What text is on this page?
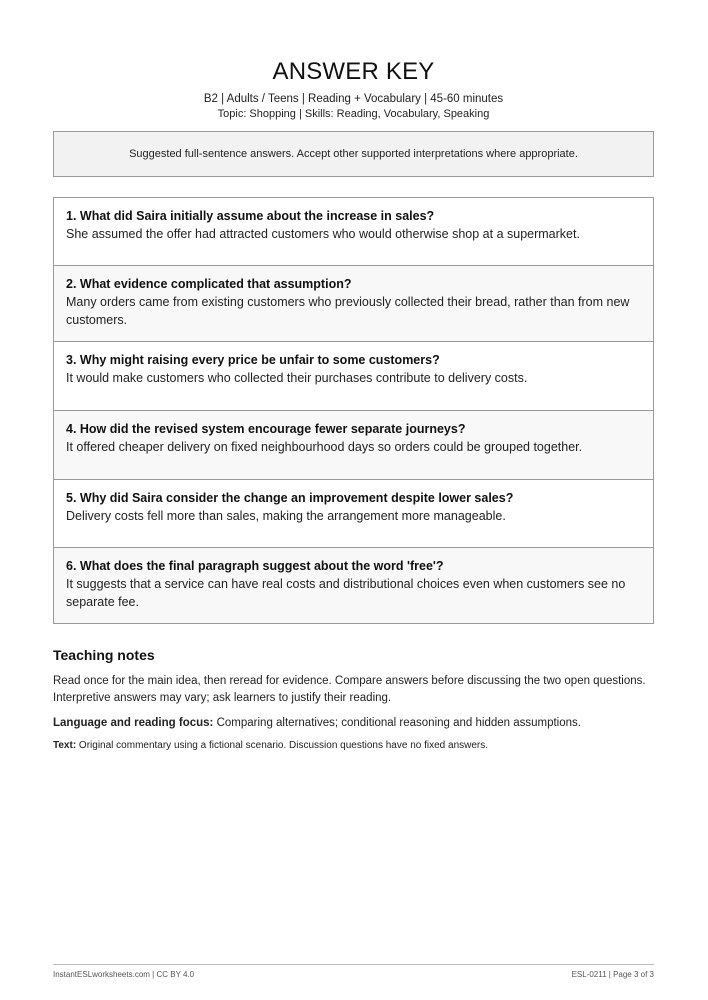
ANSWER KEY
B2 | Adults / Teens | Reading + Vocabulary | 45-60 minutes
Topic: Shopping | Skills: Reading, Vocabulary, Speaking
Suggested full-sentence answers. Accept other supported interpretations where appropriate.
1. What did Saira initially assume about the increase in sales?
She assumed the offer had attracted customers who would otherwise shop at a supermarket.
2. What evidence complicated that assumption?
Many orders came from existing customers who previously collected their bread, rather than from new customers.
3. Why might raising every price be unfair to some customers?
It would make customers who collected their purchases contribute to delivery costs.
4. How did the revised system encourage fewer separate journeys?
It offered cheaper delivery on fixed neighbourhood days so orders could be grouped together.
5. Why did Saira consider the change an improvement despite lower sales?
Delivery costs fell more than sales, making the arrangement more manageable.
6. What does the final paragraph suggest about the word 'free'?
It suggests that a service can have real costs and distributional choices even when customers see no separate fee.
Teaching notes
Read once for the main idea, then reread for evidence. Compare answers before discussing the two open questions. Interpretive answers may vary; ask learners to justify their reading.
Language and reading focus: Comparing alternatives; conditional reasoning and hidden assumptions.
Text: Original commentary using a fictional scenario. Discussion questions have no fixed answers.
InstantESLworksheets.com | CC BY 4.0	ESL-0211 | Page 3 of 3
